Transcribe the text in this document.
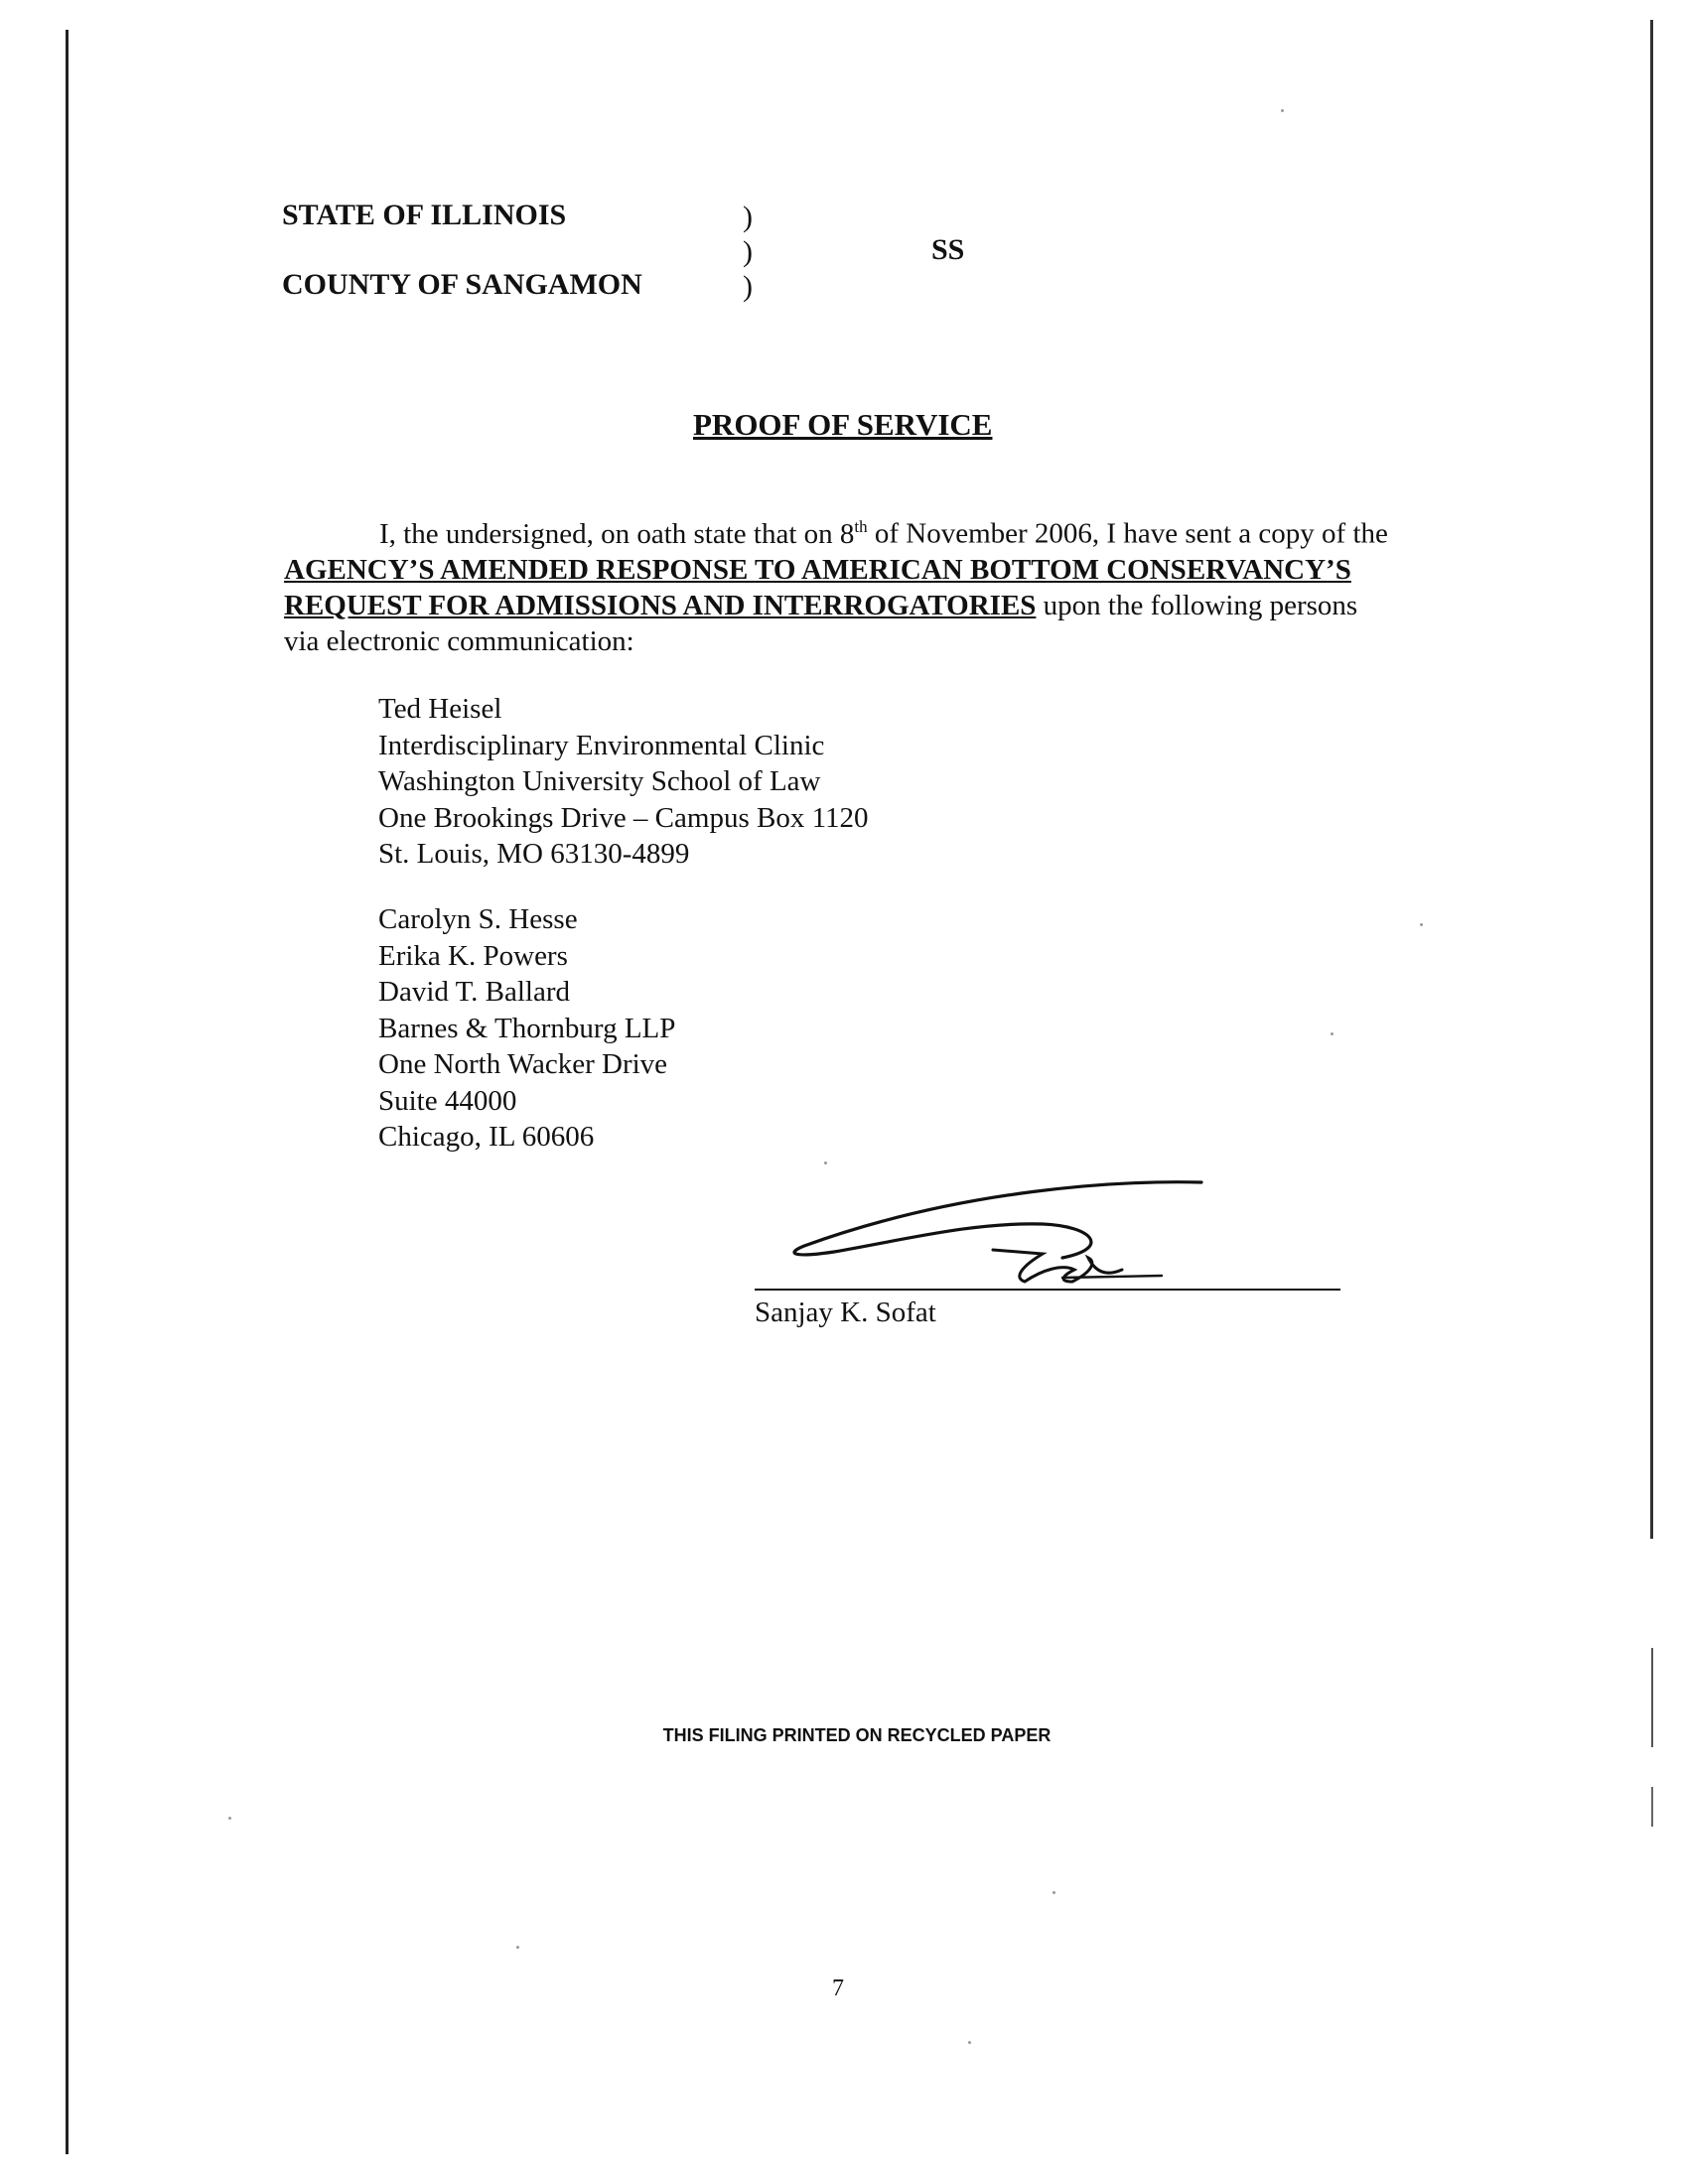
STATE OF ILLINOIS
COUNTY OF SANGAMON
)
)
)
SS
PROOF OF SERVICE
I, the undersigned, on oath state that on 8th of November 2006, I have sent a copy of the AGENCY’S AMENDED RESPONSE TO AMERICAN BOTTOM CONSERVANCY’S REQUEST FOR ADMISSIONS AND INTERROGATORIES upon the following persons via electronic communication:
Ted Heisel
Interdisciplinary Environmental Clinic
Washington University School of Law
One Brookings Drive – Campus Box 1120
St. Louis, MO 63130-4899
Carolyn S. Hesse
Erika K. Powers
David T. Ballard
Barnes & Thornburg LLP
One North Wacker Drive
Suite 44000
Chicago, IL 60606
Sanjay K. Sofat
THIS FILING PRINTED ON RECYCLED PAPER
7
